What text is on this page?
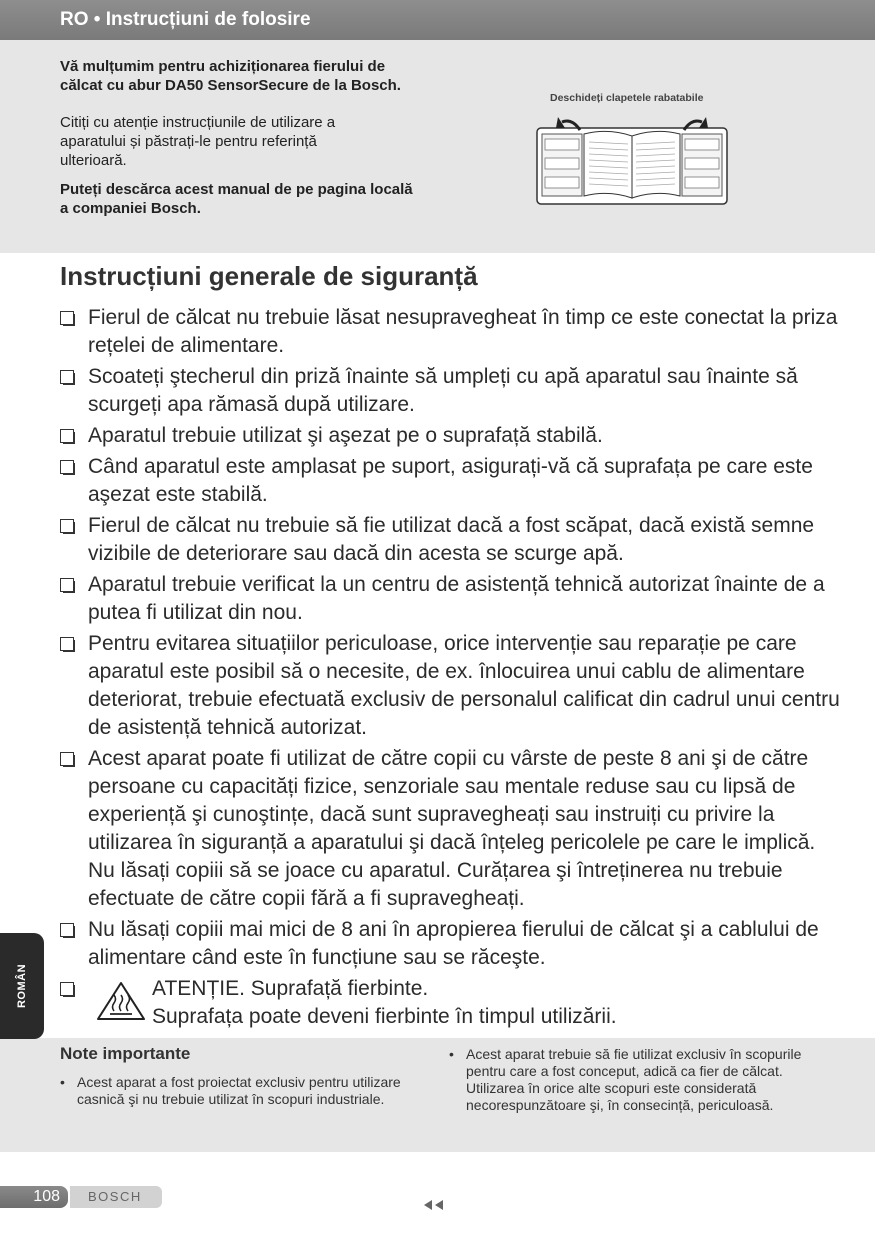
RO • Instrucțiuni de folosire

Vă mulțumim pentru achiziționarea fierului de călcat cu abur DA50 SensorSecure de la Bosch.

Citiți cu atenție instrucțiunile de utilizare a aparatului și păstrați-le pentru referință ulterioară.

Puteți descărca acest manual de pe pagina locală a companiei Bosch.

Deschideți clapetele rabatabile
Instrucțiuni generale de siguranță
Fierul de călcat nu trebuie lăsat nesupravegheat în timp ce este conectat la priza rețelei de alimentare.
Scoateți ştecherul din priză înainte să umpleți cu apă aparatul sau înainte să scurgeți apa rămasă după utilizare.
Aparatul trebuie utilizat şi aşezat pe o suprafață stabilă.
Când aparatul este amplasat pe suport, asigurați-vă că suprafața pe care este aşezat este stabilă.
Fierul de călcat nu trebuie să fie utilizat dacă a fost scăpat, dacă există semne vizibile de deteriorare sau dacă din acesta se scurge apă.
Aparatul trebuie verificat la un centru de asistență tehnică autorizat înainte de a putea fi utilizat din nou.
Pentru evitarea situațiilor periculoase, orice intervenție sau reparație pe care aparatul este posibil să o necesite, de ex. înlocuirea unui cablu de alimentare deteriorat, trebuie efectuată exclusiv de personalul calificat din cadrul unui centru de asistență tehnică autorizat.
Acest aparat poate fi utilizat de către copii cu vârste de peste 8 ani şi de către persoane cu capacități fizice, senzoriale sau mentale reduse sau cu lipsă de experiență şi cunoştințe, dacă sunt supravegheați sau instruiți cu privire la utilizarea în siguranță a aparatului şi dacă înțeleg pericolele pe care le implică. Nu lăsați copiii să se joace cu aparatul. Curățarea şi întreținerea nu trebuie efectuate de către copii fără a fi supravegheați.
Nu lăsați copiii mai mici de 8 ani în apropierea fierului de călcat şi a cablului de alimentare când este în funcțiune sau se răceşte.
ATENȚIE. Suprafață fierbinte.
Suprafața poate deveni fierbinte în timpul utilizării.
Note importante
• Acest aparat a fost proiectat exclusiv pentru utilizare casnică şi nu trebuie utilizat în scopuri industriale.
• Acest aparat trebuie să fie utilizat exclusiv în scopurile pentru care a fost conceput, adică ca fier de călcat. Utilizarea în orice alte scopuri este considerată necorespunzătoare şi, în consecință, periculoasă.
ROMÂN
108	BOSCH
